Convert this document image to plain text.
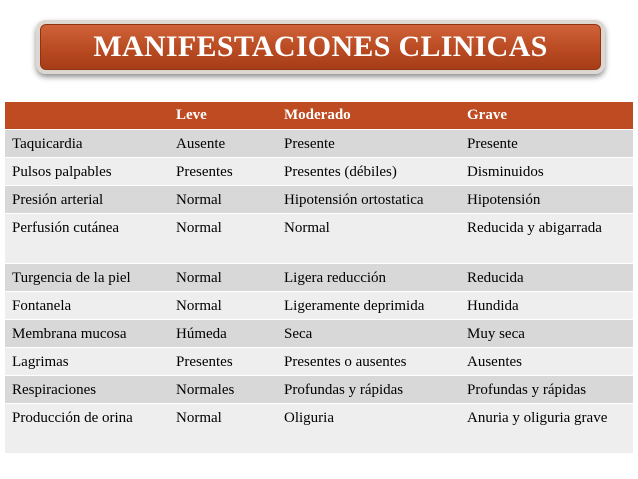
MANIFESTACIONES CLINICAS
	Leve	Moderado	Grave
Taquicardia	Ausente	Presente	Presente
Pulsos palpables	Presentes	Presentes (débiles)	Disminuidos
Presión arterial	Normal	Hipotensión ortostatica	Hipotensión
Perfusión cutánea	Normal	Normal	Reducida y abigarrada
Turgencia de la piel	Normal	Ligera reducción	Reducida
Fontanela	Normal	Ligeramente deprimida	Hundida
Membrana mucosa	Húmeda	Seca	Muy seca
Lagrimas	Presentes	Presentes o ausentes	Ausentes
Respiraciones	Normales	Profundas y rápidas	Profundas y rápidas
Producción de orina	Normal	Oliguria	Anuria y oliguria grave
